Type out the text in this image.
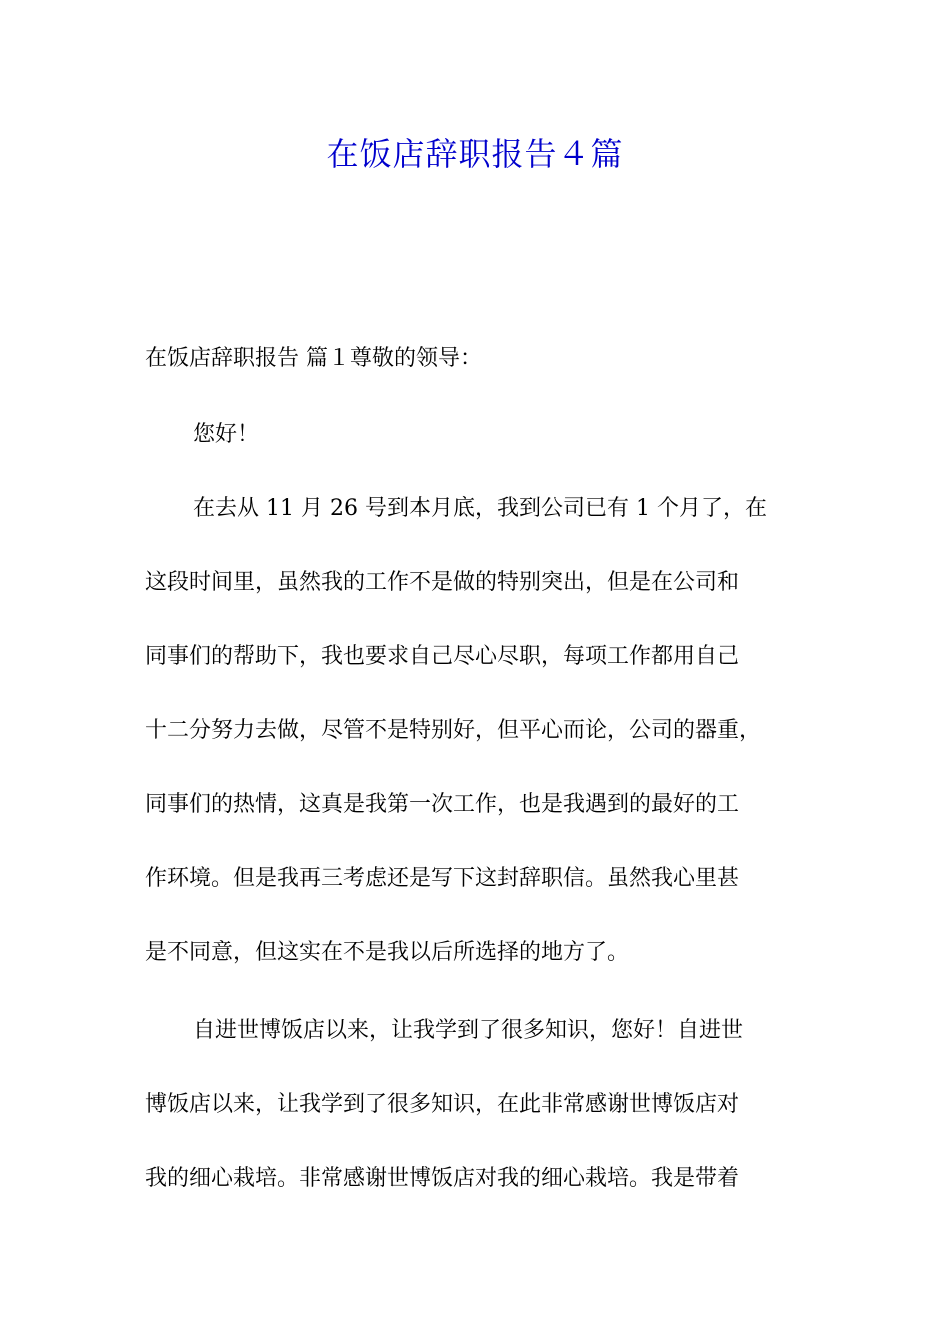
在饭店辞职报告４篇

在饭店辞职报告 篇１尊敬的领导：

您好！

在去从 11 月 26 号到本月底，我到公司已有 1 个月了，在

这段时间里，虽然我的工作不是做的特别突出，但是在公司和

同事们的帮助下，我也要求自己尽心尽职，每项工作都用自己

十二分努力去做，尽管不是特别好，但平心而论，公司的器重，

同事们的热情，这真是我第一次工作，也是我遇到的最好的工

作环境。但是我再三考虑还是写下这封辞职信。虽然我心里甚

是不同意，但这实在不是我以后所选择的地方了。

自进世博饭店以来，让我学到了很多知识，您好！自进世

博饭店以来，让我学到了很多知识，在此非常感谢世博饭店对

我的细心栽培。非常感谢世博饭店对我的细心栽培。我是带着
